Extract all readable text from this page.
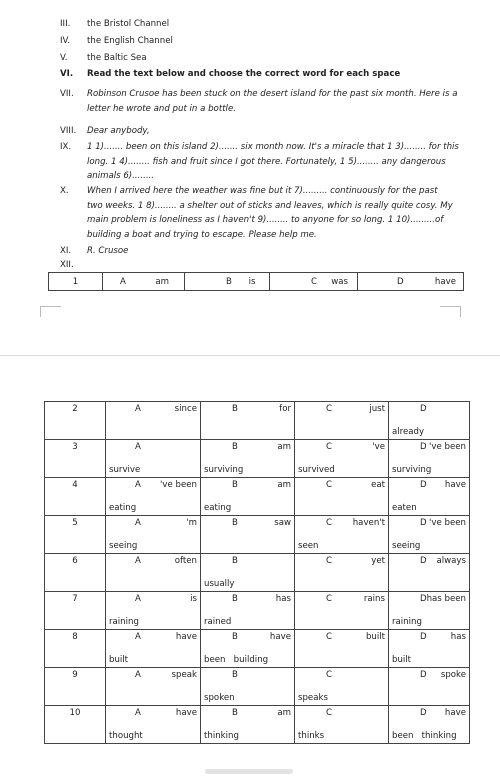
III.	the Bristol Channel
IV.	the English Channel
V.	the Baltic Sea
VI.	Read the text below and choose the correct word for each space
VII.	Robinson Crusoe has been stuck on the desert island for the past six month. Here is a
letter he wrote and put in a bottle.
VIII.	Dear anybody,
IX.	1 1)....... been on this island 2)....... six month now. It's a miracle that 1 3)........ for this
long. 1 4)........ fish and fruit since I got there. Fortunately, 1 5)........ any dangerous
animals 6)........
X.	When I arrived here the weather was fine but it 7)......... continuously for the past
two weeks. 1 8)........ a shelter out of sticks and leaves, which is really quite cosy. My
main problem is loneliness as I haven't 9)........ to anyone for so long. 1 10).........of
building a boat and trying to escape. Please help me.
XI.	R. Crusoe
XII.
1	A	am	B is	C was	D	have
2	A since	B for	C just	D
already

3	A
survive	B am
surviving	C 've
survived	D 've been
surviving

4	A 've been
eating	B am
eating	C eat	D have
eaten

5	A 'm
seeing	B saw	C haven't
seen	D 've been
seeing

6	A often	B
usually	C yet	D always

7	A is
raining	B has
rained	C rains	D has been
raining

8	A have
built	B have
been   building	C built	D has
built

9	A speak	B
spoken	C
speaks	D spoke

10	A have
thought	B am
thinking	C
thinks	D have
been   thinking
